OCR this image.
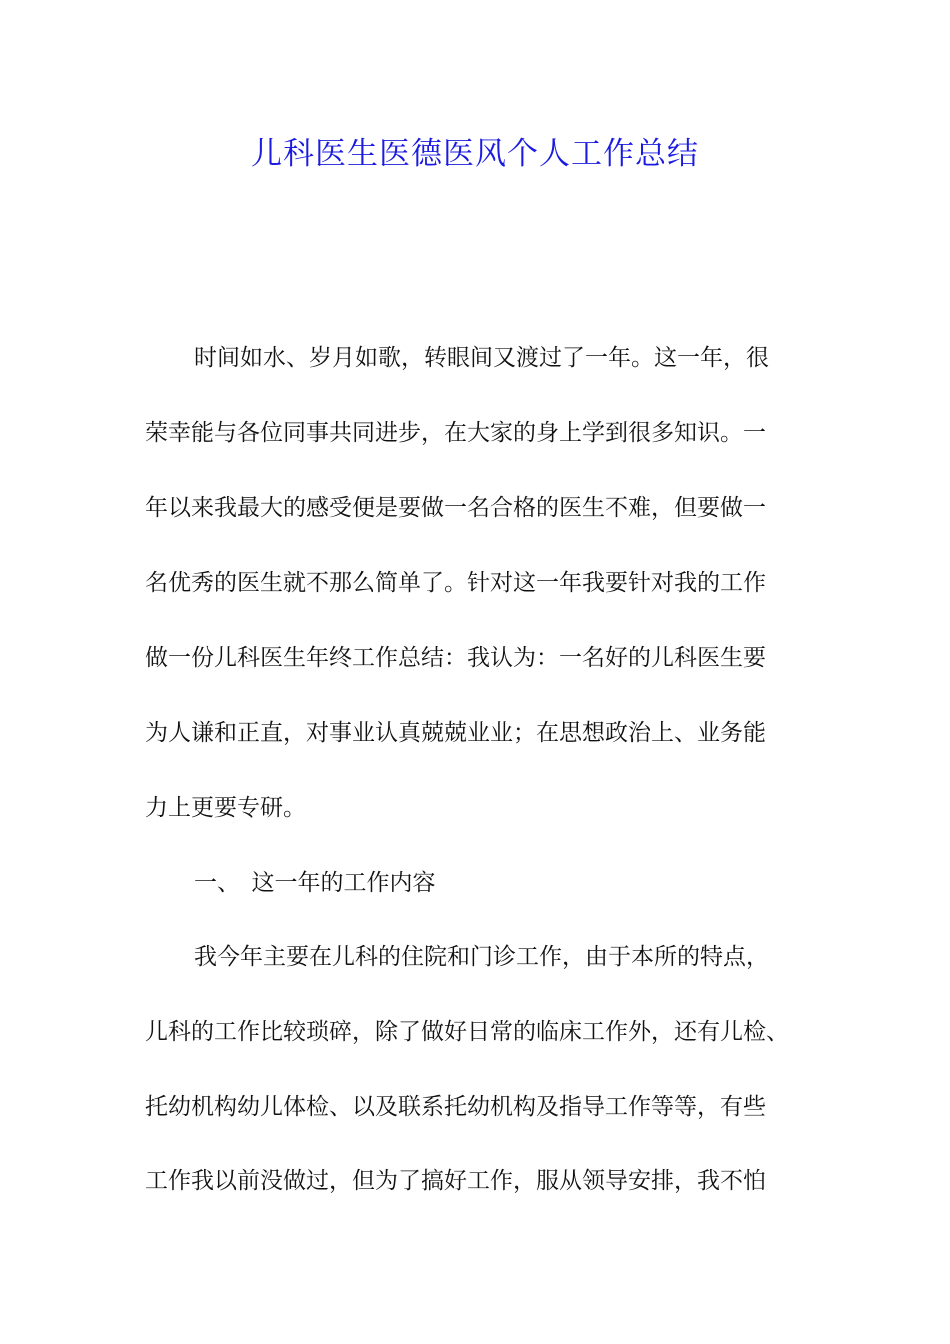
儿科医生医德医风个人工作总结

时间如水、岁月如歌，转眼间又渡过了一年。这一年，很

荣幸能与各位同事共同进步，在大家的身上学到很多知识。一

年以来我最大的感受便是要做一名合格的医生不难，但要做一

名优秀的医生就不那么简单了。针对这一年我要针对我的工作

做一份儿科医生年终工作总结：我认为：一名好的儿科医生要

为人谦和正直，对事业认真兢兢业业；在思想政治上、业务能

力上更要专研。

一、　这一年的工作内容

我今年主要在儿科的住院和门诊工作，由于本所的特点，

儿科的工作比较琐碎，除了做好日常的临床工作外，还有儿检、

托幼机构幼儿体检、以及联系托幼机构及指导工作等等，有些

工作我以前没做过，但为了搞好工作，服从领导安排，我不怕
